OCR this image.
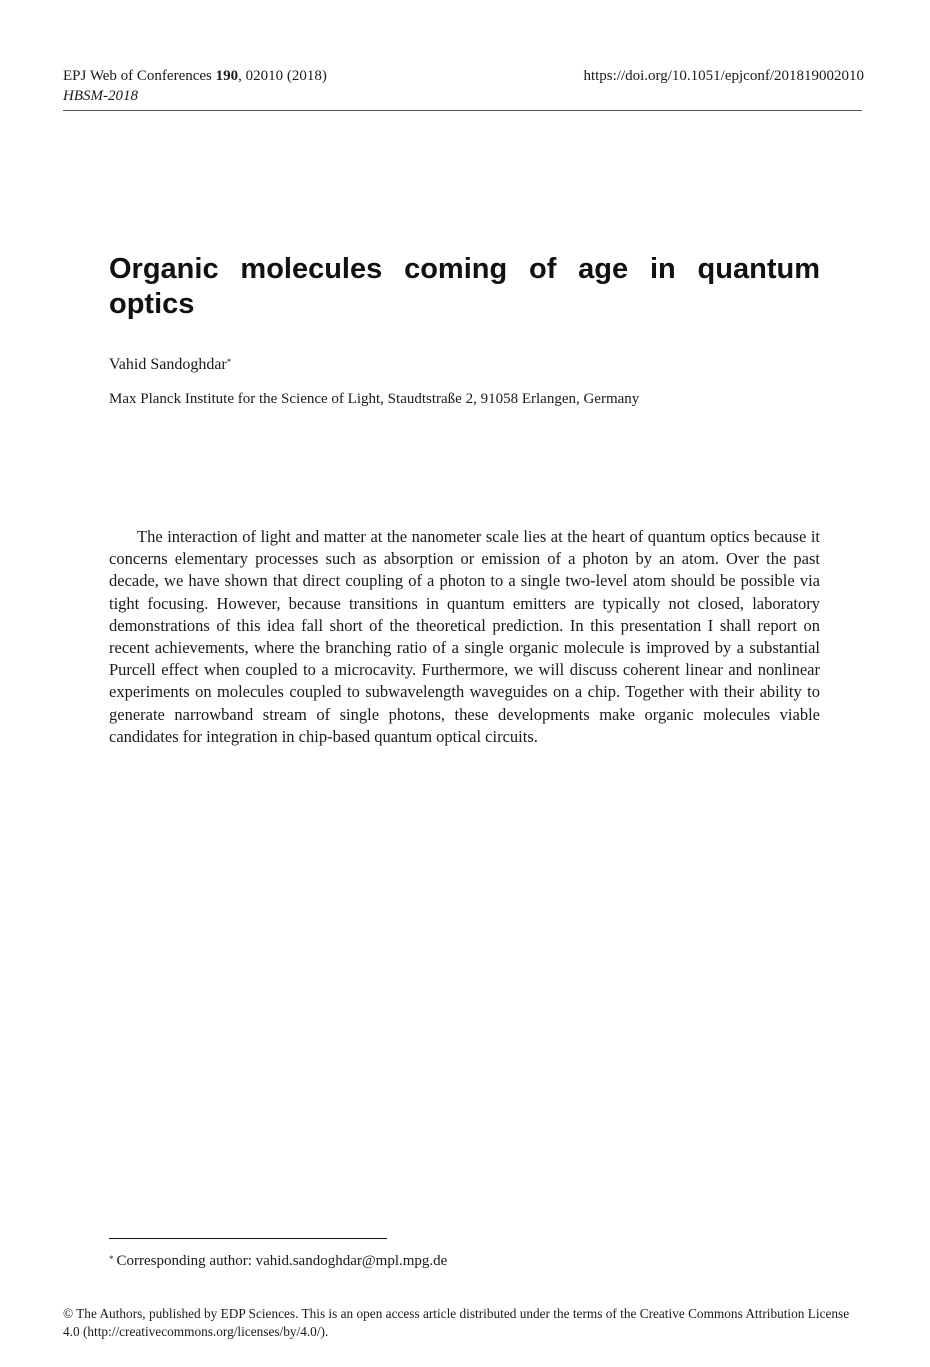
EPJ Web of Conferences 190, 02010 (2018)
HBSM-2018
https://doi.org/10.1051/epjconf/201819002010
Organic molecules coming of age in quantum optics
Vahid Sandoghdar*
Max Planck Institute for the Science of Light, Staudtstraße 2, 91058 Erlangen, Germany

The interaction of light and matter at the nanometer scale lies at the heart of quantum optics because it concerns elementary processes such as absorption or emission of a photon by an atom. Over the past decade, we have shown that direct coupling of a photon to a single two-level atom should be possible via tight focusing. However, because transitions in quantum emitters are typically not closed, laboratory demonstrations of this idea fall short of the theoretical prediction. In this presentation I shall report on recent achievements, where the branching ratio of a single organic molecule is improved by a substantial Purcell effect when coupled to a microcavity. Furthermore, we will discuss coherent linear and nonlinear experiments on molecules coupled to subwavelength waveguides on a chip. Together with their ability to generate narrowband stream of single photons, these developments make organic molecules viable candidates for integration in chip-based quantum optical circuits.

* Corresponding author: vahid.sandoghdar@mpl.mpg.de
© The Authors, published by EDP Sciences. This is an open access article distributed under the terms of the Creative Commons Attribution License 4.0 (http://creativecommons.org/licenses/by/4.0/).
